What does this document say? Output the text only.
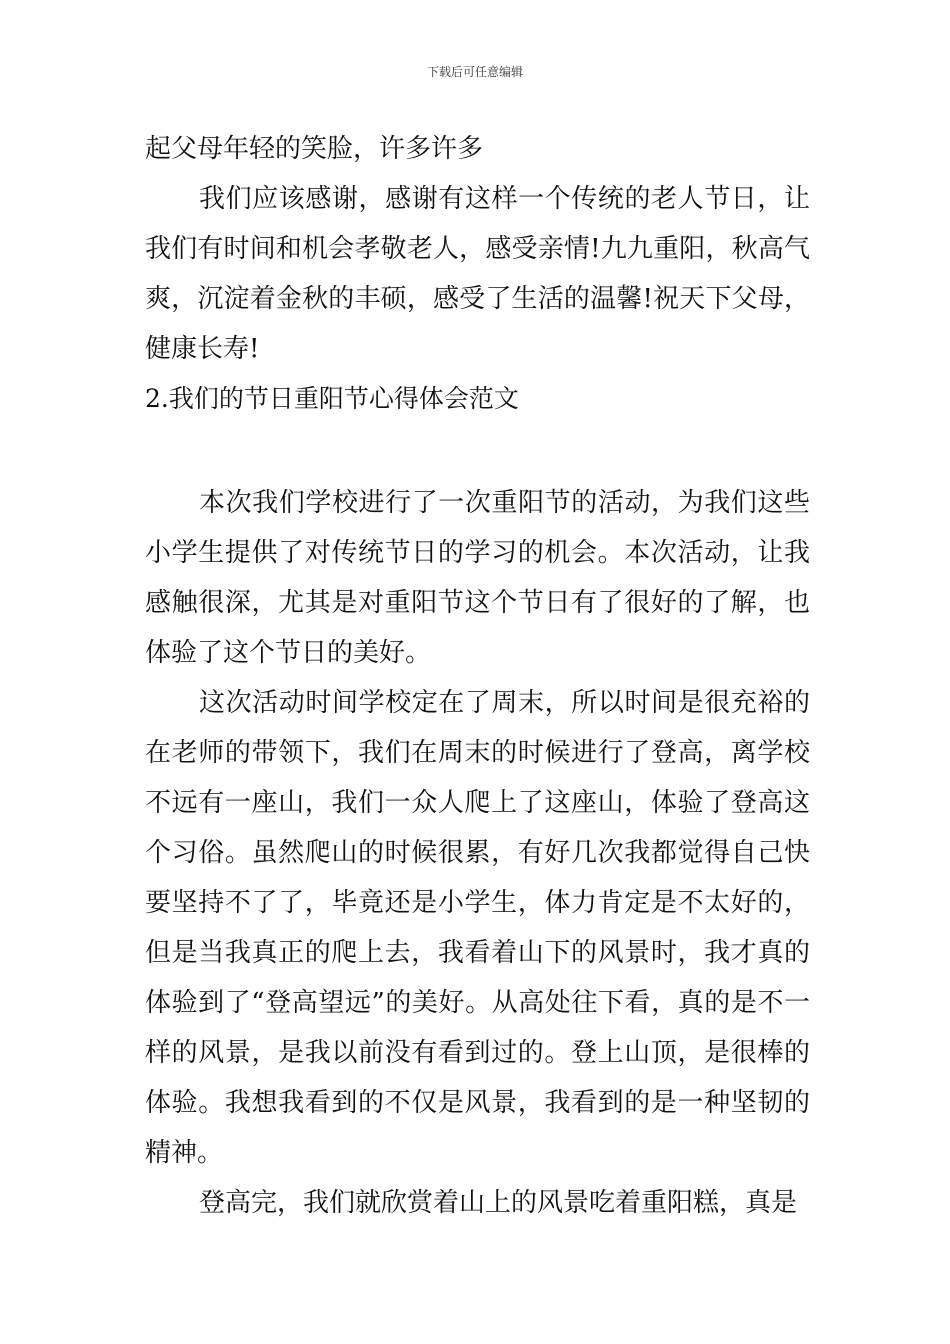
下载后可任意编辑

起父母年轻的笑脸，许多许多

我们应该感谢，感谢有这样一个传统的老人节日，让我们有时间和机会孝敬老人，感受亲情!九九重阳，秋高气爽，沉淀着金秋的丰硕，感受了生活的温馨!祝天下父母，健康长寿!

2.我们的节日重阳节心得体会范文

本次我们学校进行了一次重阳节的活动，为我们这些小学生提供了对传统节日的学习的机会。本次活动，让我感触很深，尤其是对重阳节这个节日有了很好的了解，也体验了这个节日的美好。

这次活动时间学校定在了周末，所以时间是很充裕的在老师的带领下，我们在周末的时候进行了登高，离学校不远有一座山，我们一众人爬上了这座山，体验了登高这个习俗。虽然爬山的时候很累，有好几次我都觉得自己快要坚持不了了，毕竟还是小学生，体力肯定是不太好的，但是当我真正的爬上去，我看着山下的风景时，我才真的体验到了“登高望远”的美好。从高处往下看，真的是不一样的风景，是我以前没有看到过的。登上山顶，是很棒的体验。我想我看到的不仅是风景，我看到的是一种坚韧的精神。

登高完，我们就欣赏着山上的风景吃着重阳糕，真是
